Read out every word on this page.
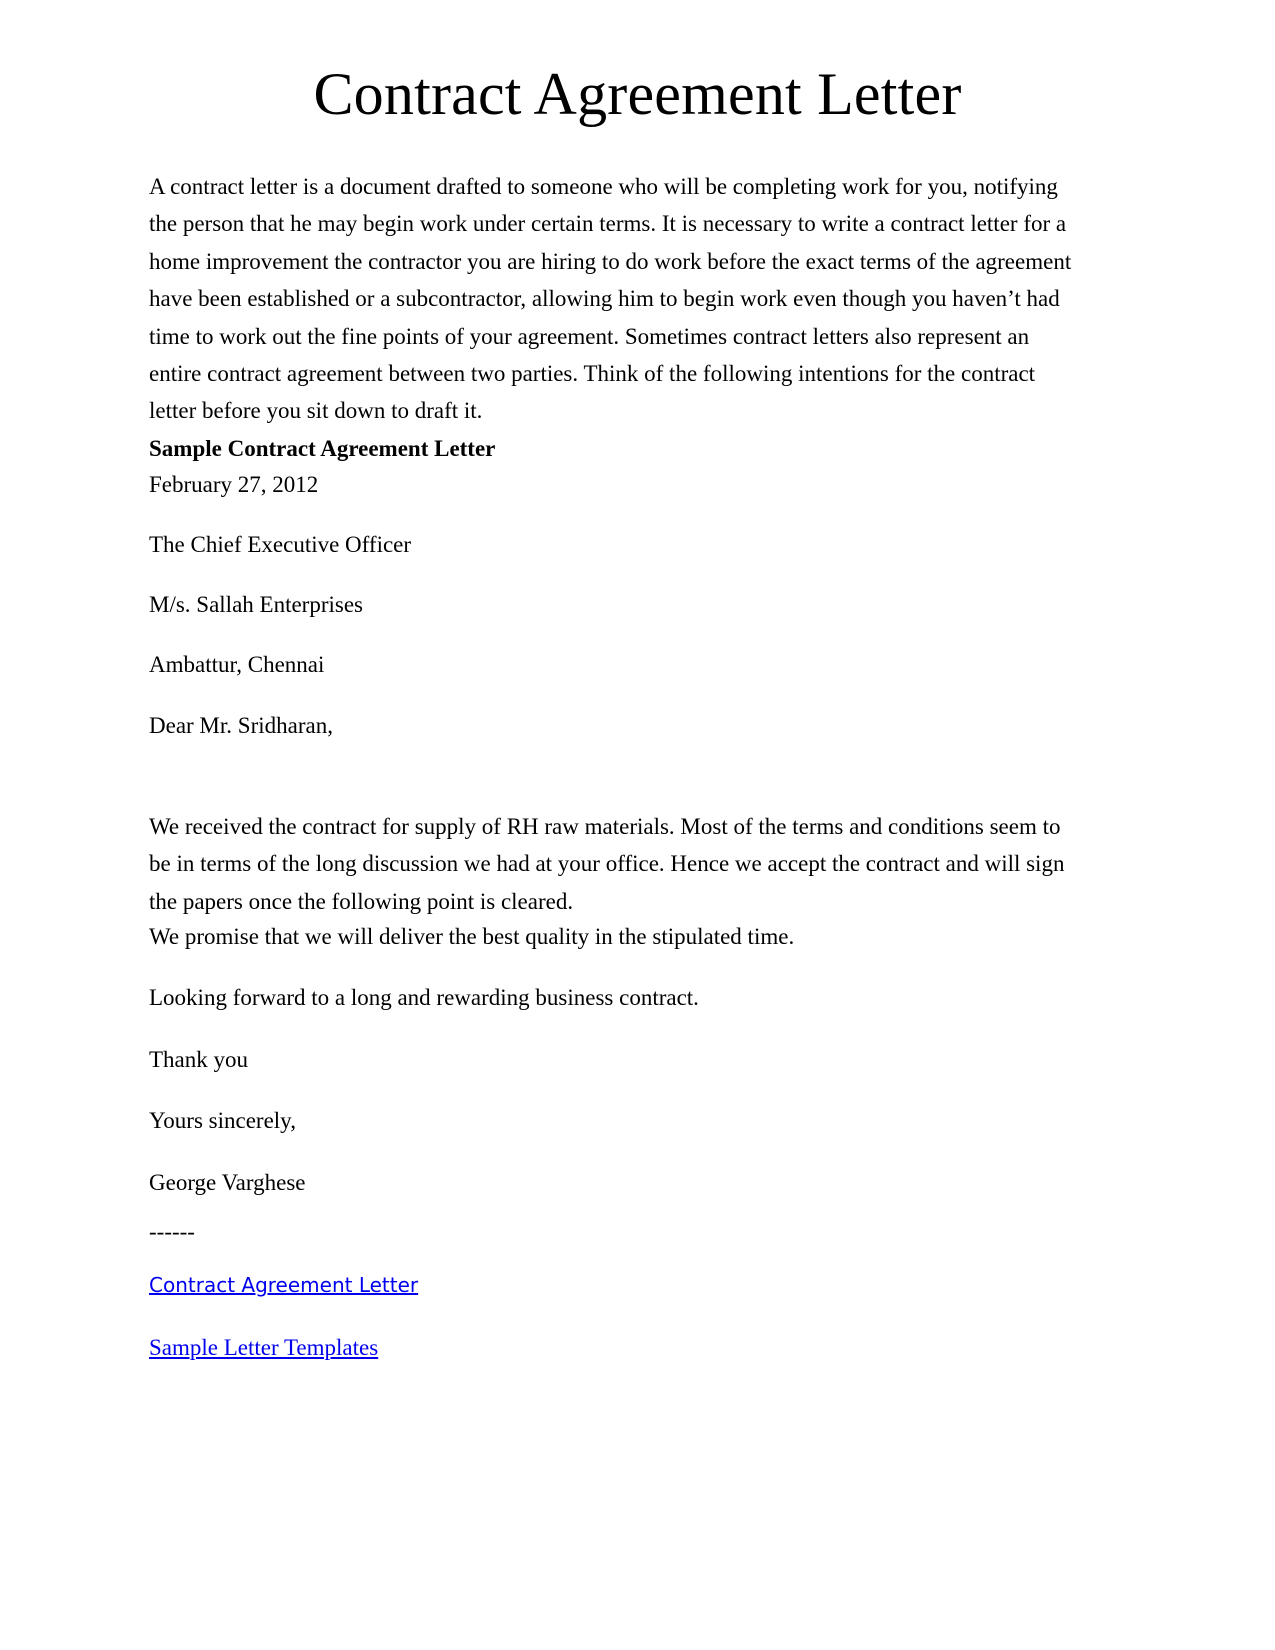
Contract Agreement Letter

A contract letter is a document drafted to someone who will be completing work for you, notifying
the person that he may begin work under certain terms. It is necessary to write a contract letter for a
home improvement the contractor you are hiring to do work before the exact terms of the agreement
have been established or a subcontractor, allowing him to begin work even though you haven’t had
time to work out the fine points of your agreement. Sometimes contract letters also represent an
entire contract agreement between two parties. Think of the following intentions for the contract
letter before you sit down to draft it.

Sample Contract Agreement Letter

February 27, 2012

The Chief Executive Officer

M/s. Sallah Enterprises

Ambattur, Chennai

Dear Mr. Sridharan,

We received the contract for supply of RH raw materials. Most of the terms and conditions seem to
be in terms of the long discussion we had at your office. Hence we accept the contract and will sign
the papers once the following point is cleared.

We promise that we will deliver the best quality in the stipulated time.

Looking forward to a long and rewarding business contract.

Thank you

Yours sincerely,

George Varghese

------

Contract Agreement Letter

Sample Letter Templates
